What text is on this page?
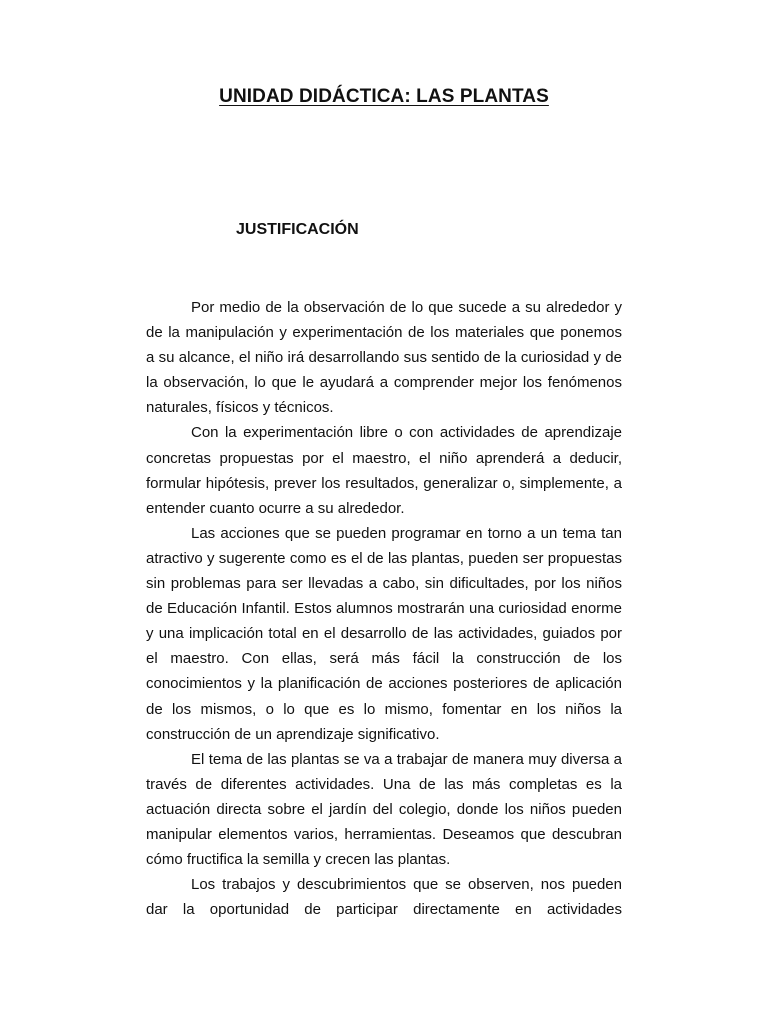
UNIDAD DIDÁCTICA: LAS PLANTAS
JUSTIFICACIÓN

Por medio de la observación de lo que sucede a su alrededor y de la manipulación y experimentación de los materiales que ponemos a su alcance, el niño irá desarrollando sus sentido de la curiosidad y de la observación, lo que le ayudará a comprender mejor los fenómenos naturales, físicos y técnicos.

Con la experimentación libre o con actividades de aprendizaje concretas propuestas por el maestro, el niño aprenderá a deducir, formular hipótesis, prever los resultados, generalizar o, simplemente, a entender cuanto ocurre a su alrededor.

Las acciones que se pueden programar en torno a un tema tan atractivo y sugerente como es el de las plantas, pueden ser propuestas sin problemas para ser llevadas a cabo, sin dificultades, por los niños de Educación Infantil. Estos alumnos mostrarán una curiosidad enorme y una implicación total en el desarrollo de las actividades, guiados por el maestro. Con ellas, será más fácil la construcción de los conocimientos y la planificación de acciones posteriores de aplicación de los mismos, o lo que es lo mismo, fomentar en los niños la construcción de un aprendizaje significativo.

El tema de las plantas se va a trabajar de manera muy diversa a través de diferentes actividades. Una de las más completas es la actuación directa sobre el jardín del colegio, donde los niños pueden manipular elementos varios, herramientas. Deseamos que descubran cómo fructifica la semilla y crecen las plantas.

Los trabajos y descubrimientos que se observen, nos pueden dar la oportunidad de participar directamente en actividades
